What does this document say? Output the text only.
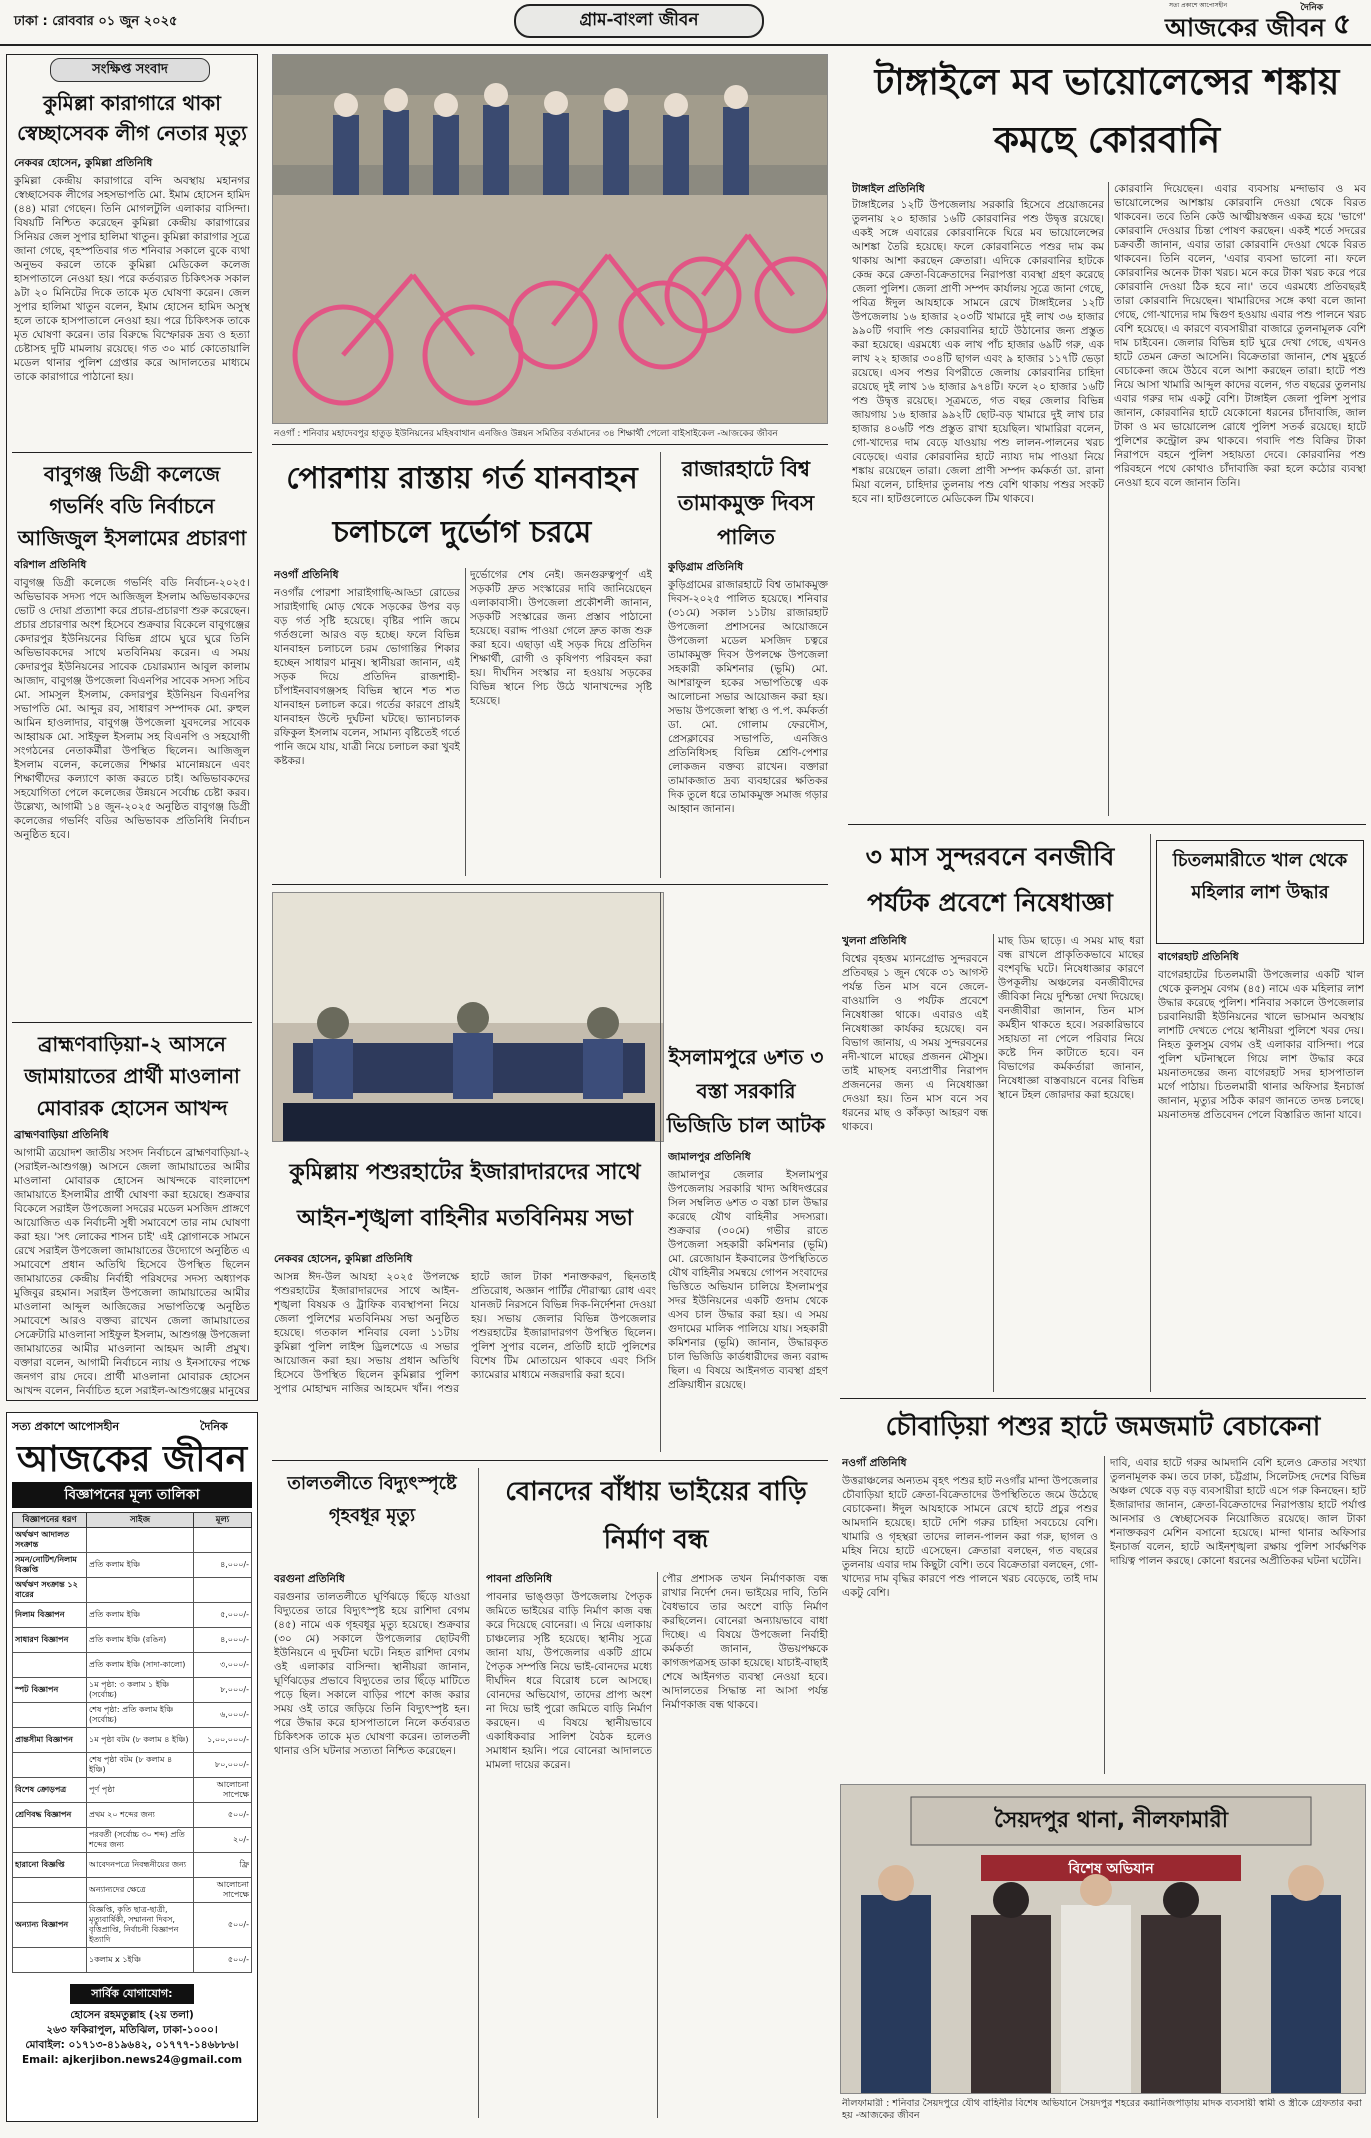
ঢাকা : রোববার ০১ জুন ২০২৫	গ্রাম-বাংলা জীবন
সত্য প্রকাশে আপোসহীন	দৈনিক
আজকের জীবন ৫
সংক্ষিপ্ত সংবাদ
কুমিল্লা কারাগারে থাকা স্বেচ্ছাসেবক লীগ নেতার মৃত্যু
নেকবর হোসেন, কুমিল্লা প্রতিনিধি
কুমিল্লা কেন্দ্রীয় কারাগারে বন্দি অবস্থায় মহানগর স্বেচ্ছাসেবক লীগের সহসভাপতি মো. ইমাম হোসেন হামিদ (৪৪) মারা গেছেন। তিনি মোগলটুলি এলাকার বাসিন্দা। বিষয়টি নিশ্চিত করেছেন কুমিল্লা কেন্দ্রীয় কারাগারের সিনিয়র জেল সুপার হালিমা খাতুন। কুমিল্লা কারাগার সূত্রে জানা গেছে, বৃহস্পতিবার গত শনিবার সকালে বুকে ব্যথা অনুভব করলে তাকে কুমিল্লা মেডিকেল কলেজ হাসপাতালে নেওয়া হয়। পরে কর্তব্যরত চিকিৎসক সকাল ৯টা ২০ মিনিটের দিকে তাকে মৃত ঘোষণা করেন। জেল সুপার হালিমা খাতুন বলেন, ইমাম হোসেন হামিদ অসুস্থ হলে তাকে হাসপাতালে নেওয়া হয়। পরে চিকিৎসক তাকে মৃত ঘোষণা করেন। তার বিরুদ্ধে বিস্ফোরক দ্রব্য ও হত্যা চেষ্টাসহ দুটি মামলায় রয়েছে। গত ৩০ মার্চ কোতোয়ালি মডেল থানার পুলিশ গ্রেপ্তার করে আদালতের মাধ্যমে তাকে কারাগারে পাঠানো হয়।
বাবুগঞ্জ ডিগ্রী কলেজে গভর্নিং বডি নির্বাচনে আজিজুল ইসলামের প্রচারণা
বরিশাল প্রতিনিধি
বাবুগঞ্জ ডিগ্রী কলেজে গভর্নিং বডি নির্বাচন-২০২৫। অভিভাবক সদস্য পদে আজিজুল ইসলাম অভিভাবকদের ভোট ও দোয়া প্রত্যাশা করে প্রচার-প্রচারণা শুরু করেছেন। প্রচার প্রচারণার অংশ হিসেবে শুক্রবার বিকেলে বাবুগঞ্জের কেদারপুর ইউনিয়নের বিভিন্ন গ্রামে ঘুরে ঘুরে তিনি অভিভাবকদের সাথে মতবিনিময় করেন। এ সময় কেদারপুর ইউনিয়নের সাবেক চেয়ারম্যান আবুল কালাম আজাদ, বাবুগঞ্জ উপজেলা বিএনপির সাবেক সদস্য সচিব মো. সামসুল ইসলাম, কেদারপুর ইউনিয়ন বিএনপির সভাপতি মো. আব্দুর রব, সাধারণ সম্পাদক মো. রুহুল আমিন হাওলাদার, বাবুগঞ্জ উপজেলা যুবদলের সাবেক আহ্বায়ক মো. সাইফুল ইসলাম সহ বিএনপি ও সহযোগী সংগঠনের নেতাকর্মীরা উপস্থিত ছিলেন। আজিজুল ইসলাম বলেন, কলেজের শিক্ষার মানোন্নয়নে এবং শিক্ষার্থীদের কল্যাণে কাজ করতে চাই। অভিভাবকদের সহযোগিতা পেলে কলেজের উন্নয়নে সর্বোচ্চ চেষ্টা করব। উল্লেখ্য, আগামী ১৪ জুন-২০২৫ অনুষ্ঠিত বাবুগঞ্জ ডিগ্রী কলেজের গভর্নিং বডির অভিভাবক প্রতিনিধি নির্বাচন অনুষ্ঠিত হবে।
ব্রাহ্মণবাড়িয়া-২ আসনে জামায়াতের প্রার্থী মাওলানা মোবারক হোসেন আখন্দ
ব্রাহ্মণবাড়িয়া প্রতিনিধি
আগামী ত্রয়োদশ জাতীয় সংসদ নির্বাচনে ব্রাহ্মণবাড়িয়া-২ (সরাইল-আশুগঞ্জ) আসনে জেলা জামায়াতের আমীর মাওলানা মোবারক হোসেন আখন্দকে বাংলাদেশ জামায়াতে ইসলামীর প্রার্থী ঘোষণা করা হয়েছে। শুক্রবার বিকেলে সরাইল উপজেলা সদরের মডেল মসজিদ প্রাঙ্গণে আয়োজিত এক নির্বাচনী সুধী সমাবেশে তার নাম ঘোষণা করা হয়। 'সৎ লোকের শাসন চাই' এই স্লোগানকে সামনে রেখে সরাইল উপজেলা জামায়াতের উদ্যোগে অনুষ্ঠিত এ সমাবেশে প্রধান অতিথি হিসেবে উপস্থিত ছিলেন জামায়াতের কেন্দ্রীয় নির্বাহী পরিষদের সদস্য অধ্যাপক মুজিবুর রহমান। সরাইল উপজেলা জামায়াতের আমীর মাওলানা আব্দুল আজিজের সভাপতিত্বে অনুষ্ঠিত সমাবেশে আরও বক্তব্য রাখেন জেলা জামায়াতের সেক্রেটারি মাওলানা সাইফুল ইসলাম, আশুগঞ্জ উপজেলা জামায়াতের আমীর মাওলানা আহমদ আলী প্রমুখ। বক্তারা বলেন, আগামী নির্বাচনে ন্যায় ও ইনসাফের পক্ষে জনগণ রায় দেবে। প্রার্থী মাওলানা মোবারক হোসেন আখন্দ বলেন, নির্বাচিত হলে সরাইল-আশুগঞ্জের মানুষের
সত্য প্রকাশে আপোসহীন	দৈনিক
আজকের জীবন
বিজ্ঞাপনের মূল্য তালিকা
বিজ্ঞাপনের ধরণ	সাইজ	মূল্য
অর্থঋণ আদালত সংক্রান্ত		
সমন/নোটিশ/নিলাম বিজ্ঞপ্তি	প্রতি কলাম ইঞ্চি	৪,০০০/-
অর্থঋণ সংক্রান্ত ১২ বারের		
নিলাম বিজ্ঞাপন	প্রতি কলাম ইঞ্চি	৫,০০০/-
সাধারণ বিজ্ঞাপন	প্রতি কলাম ইঞ্চি (রঙিন)	৪,০০০/-
	প্রতি কলাম ইঞ্চি (সাদা-কালো)	৩,০০০/-
স্পট বিজ্ঞাপন	১ম পৃষ্ঠা: ৩ কলাম ১ ইঞ্চি (সর্বোচ্চ)	৮,০০০/-
	শেষ পৃষ্ঠা: প্রতি কলাম ইঞ্চি (সর্বোচ্চ)	৬,০০০/-
প্রান্তসীমা বিজ্ঞাপন	১ম পৃষ্ঠা বটম (৮ কলাম ৪ ইঞ্চি)	১,০০,০০০/-
	শেষ পৃষ্ঠা বটম (৮ কলাম ৪ ইঞ্চি)	৮০,০০০/-
বিশেষ ক্রোড়পত্র	পূর্ণ পৃষ্ঠা	আলোচনা সাপেক্ষে
শ্রেণিবদ্ধ বিজ্ঞাপন	প্রথম ২০ শব্দের জন্য	৫০০/-
	পরবর্তী (সর্বোচ্চ ৩০ শব্দ) প্রতি শব্দের জন্য	২০/-
হারানো বিজ্ঞপ্তি	আবেদনপত্রে নিবন্ধনীয়ের জন্য	ফ্রি
	অন্যান্যদের ক্ষেত্রে	আলোচনা সাপেক্ষে
অন্যান্য বিজ্ঞাপন	বিজ্ঞপ্তি, কৃতি ছাত্র-ছাত্রী, মৃত্যুবার্ষিকী, সম্মাননা দিবস, বৃত্তিপ্রাপ্তি, নির্বাচনী বিজ্ঞাপন ইত্যাদি	৫০০/-
	১কলাম x ১ইঞ্চি	৫০০/-
সার্বিক যোগাযোগ:
হোসেন রহমতুল্লাহ (২য় তলা)
২৬৩ ফকিরাপুল, মতিঝিল, ঢাকা-১০০০।
মোবাইল: ০১৭১৩-৪১৯৬৪২, ০১৭৭৭-১৪৬৮৮৬।
Email: ajkerjibon.news24@gmail.com
নওগাঁ : শনিবার মহাদেবপুর হাতুড় ইউনিয়নের মহিষবাথান এনজিও উন্নয়ন সমিতির বর্তমানের ৩৪ শিক্ষার্থী পেলো বাইসাইকেল -আজকের জীবন
টাঙ্গাইলে মব ভায়োলেন্সের শঙ্কায় কমছে কোরবানি
টাঙ্গাইল প্রতিনিধি
টাঙ্গাইলের ১২টি উপজেলায় সরকারি হিসেবে প্রয়োজনের তুলনায় ২০ হাজার ১৬টি কোরবানির পশু উদ্বৃত্ত রয়েছে। একই সঙ্গে এবারের কোরবানিকে ঘিরে মব ভায়োলেন্সের আশঙ্কা তৈরি হয়েছে। ফলে কোরবানিতে পশুর দাম কম থাকায় আশা করছেন ক্রেতারা। এদিকে কোরবানির হাটকে কেন্দ্র করে ক্রেতা-বিক্রেতাদের নিরাপত্তা ব্যবস্থা গ্রহণ করেছে জেলা পুলিশ। জেলা প্রাণী সম্পদ কার্যালয় সূত্রে জানা গেছে, পবিত্র ঈদুল আযহাকে সামনে রেখে টাঙ্গাইলের ১২টি উপজেলায় ১৬ হাজার ২০৩টি খামারে দুই লাখ ৩৬ হাজার ৯৯০টি গবাদি পশু কোরবানির হাটে উঠানোর জন্য প্রস্তুত করা হয়েছে। এরমধ্যে এক লাখ পাঁচ হাজার ৬৯টি গরু, এক লাখ ২২ হাজার ৩০৪টি ছাগল এবং ৯ হাজার ১১৭টি ভেড়া রয়েছে। এসব পশুর বিপরীতে জেলায় কোরবানির চাহিদা রয়েছে দুই লাখ ১৬ হাজার ৯৭৪টি। ফলে ২০ হাজার ১৬টি পশু উদ্বৃত্ত রয়েছে। সূত্রমতে, গত বছর জেলার বিভিন্ন জায়গায় ১৬ হাজার ৯৯২টি ছোট-বড় খামারে দুই লাখ চার হাজার ৪০৬টি পশু প্রস্তুত রাখা হয়েছিল। খামারিরা বলেন, গো-খাদ্যের দাম বেড়ে যাওয়ায় পশু লালন-পালনের খরচ বেড়েছে। এবার কোরবানির হাটে ন্যায্য দাম পাওয়া নিয়ে শঙ্কায় রয়েছেন তারা। জেলা প্রাণী সম্পদ কর্মকর্তা ডা. রানা মিয়া বলেন, চাহিদার তুলনায় পশু বেশি থাকায় পশুর সংকট হবে না। হাটগুলোতে মেডিকেল টিম থাকবে।
কোরবানি দিয়েছেন। এবার ব্যবসায় মন্দাভাব ও মব ভায়োলেন্সের আশঙ্কায় কোরবানি দেওয়া থেকে বিরত থাকবেন। তবে তিনি কেউ আত্মীয়স্বজন একত্র হয়ে 'ভাগে' কোরবানি দেওয়ার চিন্তা পোষণ করছেন। একই শর্তে সদরের চক্রবর্তী জানান, এবার তারা কোরবানি দেওয়া থেকে বিরত থাকবেন। তিনি বলেন, 'এবার ব্যবসা ভালো না। ফলে কোরবানির অনেক টাকা খরচ। মনে করে টাকা খরচ করে পরে কোরবানি দেওয়া ঠিক হবে না।' তবে এরমধ্যে প্রতিবছরই তারা কোরবানি দিয়েছেন। খামারিদের সঙ্গে কথা বলে জানা গেছে, গো-খাদ্যের দাম দ্বিগুণ হওয়ায় এবার পশু পালনে খরচ বেশি হয়েছে। এ কারণে ব্যবসায়ীরা বাজারে তুলনামূলক বেশি দাম চাইবেন। জেলার বিভিন্ন হাট ঘুরে দেখা গেছে, এখনও হাটে তেমন ক্রেতা আসেনি। বিক্রেতারা জানান, শেষ মুহূর্তে বেচাকেনা জমে উঠবে বলে আশা করছেন তারা। হাটে পশু নিয়ে আসা খামারি আব্দুল কাদের বলেন, গত বছরের তুলনায় এবার গরুর দাম একটু বেশি। টাঙ্গাইল জেলা পুলিশ সুপার জানান, কোরবানির হাটে যেকোনো ধরনের চাঁদাবাজি, জাল টাকা ও মব ভায়োলেন্স রোধে পুলিশ সতর্ক রয়েছে। হাটে পুলিশের কন্ট্রোল রুম থাকবে। গবাদি পশু বিক্রির টাকা নিরাপদে বহনে পুলিশ সহায়তা দেবে। কোরবানির পশু পরিবহনে পথে কোথাও চাঁদাবাজি করা হলে কঠোর ব্যবস্থা নেওয়া হবে বলে জানান তিনি।
পোরশায় রাস্তায় গর্ত যানবাহন চলাচলে দুর্ভোগ চরমে
নওগাঁ প্রতিনিধি
নওগাঁর পোরশা সারাইগাছি-আড্ডা রোডের সারাইগাছি মোড় থেকে সড়কের উপর বড় বড় গর্ত সৃষ্টি হয়েছে। বৃষ্টির পানি জমে গর্তগুলো আরও বড় হচ্ছে। ফলে বিভিন্ন যানবাহন চলাচলে চরম ভোগান্তির শিকার হচ্ছেন সাধারণ মানুষ। স্থানীয়রা জানান, এই সড়ক দিয়ে প্রতিদিন রাজশাহী-চাঁপাইনবাবগঞ্জসহ বিভিন্ন স্থানে শত শত যানবাহন চলাচল করে। গর্তের কারণে প্রায়ই যানবাহন উল্টে দুর্ঘটনা ঘটছে। ভ্যানচালক রফিকুল ইসলাম বলেন, সামান্য বৃষ্টিতেই গর্তে পানি জমে যায়, যাত্রী নিয়ে চলাচল করা খুবই কষ্টকর।
দুর্ভোগের শেষ নেই। জনগুরুত্বপূর্ণ এই সড়কটি দ্রুত সংস্কারের দাবি জানিয়েছেন এলাকাবাসী। উপজেলা প্রকৌশলী জানান, সড়কটি সংস্কারের জন্য প্রস্তাব পাঠানো হয়েছে। বরাদ্দ পাওয়া গেলে দ্রুত কাজ শুরু করা হবে। এছাড়া এই সড়ক দিয়ে প্রতিদিন শিক্ষার্থী, রোগী ও কৃষিপণ্য পরিবহন করা হয়। দীর্ঘদিন সংস্কার না হওয়ায় সড়কের বিভিন্ন স্থানে পিচ উঠে খানাখন্দের সৃষ্টি হয়েছে।
রাজারহাটে বিশ্ব তামাকমুক্ত দিবস পালিত
কুড়িগ্রাম প্রতিনিধি
কুড়িগ্রামের রাজারহাটে বিশ্ব তামাকমুক্ত দিবস-২০২৫ পালিত হয়েছে। শনিবার (৩১মে) সকাল ১১টায় রাজারহাট উপজেলা প্রশাসনের আয়োজনে উপজেলা মডেল মসজিদ চত্বরে তামাকমুক্ত দিবস উপলক্ষে উপজেলা সহকারী কমিশনার (ভূমি) মো. আশরাফুল হকের সভাপতিত্বে এক আলোচনা সভার আয়োজন করা হয়। সভায় উপজেলা স্বাস্থ্য ও প.প. কর্মকর্তা ডা. মো. গোলাম ফেরদৌস, প্রেসক্লাবের সভাপতি, এনজিও প্রতিনিধিসহ বিভিন্ন শ্রেণি-পেশার লোকজন বক্তব্য রাখেন। বক্তারা তামাকজাত দ্রব্য ব্যবহারের ক্ষতিকর দিক তুলে ধরে তামাকমুক্ত সমাজ গড়ার আহ্বান জানান।
কুমিল্লায় পশুরহাটের ইজারাদারদের সাথে আইন-শৃঙ্খলা বাহিনীর মতবিনিময় সভা
নেকবর হোসেন, কুমিল্লা প্রতিনিধি
আসন্ন ঈদ-উল আযহা ২০২৫ উপলক্ষে পশুরহাটের ইজারাদারদের সাথে আইন-শৃঙ্খলা বিষয়ক ও ট্রাফিক ব্যবস্থাপনা নিয়ে জেলা পুলিশের মতবিনিময় সভা অনুষ্ঠিত হয়েছে। গতকাল শনিবার বেলা ১১টায় কুমিল্লা পুলিশ লাইন্স ড্রিলশেডে এ সভার আয়োজন করা হয়। সভায় প্রধান অতিথি হিসেবে উপস্থিত ছিলেন কুমিল্লার পুলিশ সুপার মোহাম্মদ নাজির আহমেদ খাঁন। পশুর হাটে জাল টাকা শনাক্তকরণ, ছিনতাই প্রতিরোধ, অজ্ঞান পার্টির দৌরাত্ম্য রোধ এবং যানজট নিরসনে বিভিন্ন দিক-নির্দেশনা দেওয়া হয়। সভায় জেলার বিভিন্ন উপজেলার পশুরহাটের ইজারাদারগণ উপস্থিত ছিলেন। পুলিশ সুপার বলেন, প্রতিটি হাটে পুলিশের বিশেষ টিম মোতায়েন থাকবে এবং সিসি ক্যামেরার মাধ্যমে নজরদারি করা হবে।
ইসলামপুরে ৬শত ৩ বস্তা সরকারি ভিজিডি চাল আটক
জামালপুর প্রতিনিধি
জামালপুর জেলার ইসলামপুর উপজেলায় সরকারি খাদ্য অধিদপ্তরের সিল সম্বলিত ৬শত ৩ বস্তা চাল উদ্ধার করেছে যৌথ বাহিনীর সদস্যরা। শুক্রবার (৩০মে) গভীর রাতে উপজেলা সহকারী কমিশনার (ভূমি) মো. রেজোয়ান ইকবালের উপস্থিতিতে যৌথ বাহিনীর সমন্বয়ে গোপন সংবাদের ভিত্তিতে অভিযান চালিয়ে ইসলামপুর সদর ইউনিয়নের একটি গুদাম থেকে এসব চাল উদ্ধার করা হয়। এ সময় গুদামের মালিক পালিয়ে যায়। সহকারী কমিশনার (ভূমি) জানান, উদ্ধারকৃত চাল ভিজিডি কার্ডধারীদের জন্য বরাদ্দ ছিল। এ বিষয়ে আইনগত ব্যবস্থা গ্রহণ প্রক্রিয়াধীন রয়েছে।
৩ মাস সুন্দরবনে বনজীবি পর্যটক প্রবেশে নিষেধাজ্ঞা
খুলনা প্রতিনিধি
বিশ্বের বৃহত্তম ম্যানগ্রোভ সুন্দরবনে প্রতিবছর ১ জুন থেকে ৩১ আগস্ট পর্যন্ত তিন মাস বনে জেলে-বাওয়ালি ও পর্যটক প্রবেশে নিষেধাজ্ঞা থাকে। এবারও এই নিষেধাজ্ঞা কার্যকর হয়েছে। বন বিভাগ জানায়, এ সময় সুন্দরবনের নদী-খালে মাছের প্রজনন মৌসুম। তাই মাছসহ বন্যপ্রাণীর নিরাপদ প্রজননের জন্য এ নিষেধাজ্ঞা দেওয়া হয়। তিন মাস বনে সব ধরনের মাছ ও কাঁকড়া আহরণ বন্ধ থাকবে।
মাছ ডিম ছাড়ে। এ সময় মাছ ধরা বন্ধ রাখলে প্রাকৃতিকভাবে মাছের বংশবৃদ্ধি ঘটে। নিষেধাজ্ঞার কারণে উপকূলীয় অঞ্চলের বনজীবীদের জীবিকা নিয়ে দুশ্চিন্তা দেখা দিয়েছে। বনজীবীরা জানান, তিন মাস কর্মহীন থাকতে হবে। সরকারিভাবে সহায়তা না পেলে পরিবার নিয়ে কষ্টে দিন কাটাতে হবে। বন বিভাগের কর্মকর্তারা জানান, নিষেধাজ্ঞা বাস্তবায়নে বনের বিভিন্ন স্থানে টহল জোরদার করা হয়েছে।
চিতলমারীতে খাল থেকে মহিলার লাশ উদ্ধার
বাগেরহাট প্রতিনিধি
বাগেরহাটের চিতলমারী উপজেলার একটি খাল থেকে কুলসুম বেগম (৪৫) নামে এক মহিলার লাশ উদ্ধার করেছে পুলিশ। শনিবার সকালে উপজেলার চরবানিয়ারী ইউনিয়নের খালে ভাসমান অবস্থায় লাশটি দেখতে পেয়ে স্থানীয়রা পুলিশে খবর দেয়। নিহত কুলসুম বেগম ওই এলাকার বাসিন্দা। পরে পুলিশ ঘটনাস্থলে গিয়ে লাশ উদ্ধার করে ময়নাতদন্তের জন্য বাগেরহাট সদর হাসপাতাল মর্গে পাঠায়। চিতলমারী থানার অফিসার ইনচার্জ জানান, মৃত্যুর সঠিক কারণ জানতে তদন্ত চলছে। ময়নাতদন্ত প্রতিবেদন পেলে বিস্তারিত জানা যাবে।
চৌবাড়িয়া পশুর হাটে জমজমাট বেচাকেনা
নওগাঁ প্রতিনিধি
উত্তরাঞ্চলের অন্যতম বৃহৎ পশুর হাট নওগাঁর মান্দা উপজেলার চৌবাড়িয়া হাটে ক্রেতা-বিক্রেতাদের উপস্থিতিতে জমে উঠেছে বেচাকেনা। ঈদুল আযহাকে সামনে রেখে হাটে প্রচুর পশুর আমদানি হয়েছে। হাটে দেশি গরুর চাহিদা সবচেয়ে বেশি। খামারি ও গৃহস্থরা তাদের লালন-পালন করা গরু, ছাগল ও মহিষ নিয়ে হাটে এসেছেন। ক্রেতারা বলছেন, গত বছরের তুলনায় এবার দাম কিছুটা বেশি। তবে বিক্রেতারা বলছেন, গো-খাদ্যের দাম বৃদ্ধির কারণে পশু পালনে খরচ বেড়েছে, তাই দাম একটু বেশি।
দাবি, এবার হাটে গরুর আমদানি বেশি হলেও ক্রেতার সংখ্যা তুলনামূলক কম। তবে ঢাকা, চট্টগ্রাম, সিলেটসহ দেশের বিভিন্ন অঞ্চল থেকে বড় বড় ব্যবসায়ীরা হাটে এসে গরু কিনছেন। হাট ইজারাদার জানান, ক্রেতা-বিক্রেতাদের নিরাপত্তায় হাটে পর্যাপ্ত আনসার ও স্বেচ্ছাসেবক নিয়োজিত রয়েছে। জাল টাকা শনাক্তকরণ মেশিন বসানো হয়েছে। মান্দা থানার অফিসার ইনচার্জ বলেন, হাটে আইনশৃঙ্খলা রক্ষায় পুলিশ সার্বক্ষণিক দায়িত্ব পালন করছে। কোনো ধরনের অপ্রীতিকর ঘটনা ঘটেনি।
তালতলীতে বিদ্যুৎস্পৃষ্টে গৃহবধূর মৃত্যু
বরগুনা প্রতিনিধি
বরগুনার তালতলীতে ঘূর্ণিঝড়ে ছিঁড়ে যাওয়া বিদ্যুতের তারে বিদ্যুৎস্পৃষ্ট হয়ে রাশিদা বেগম (৪৫) নামে এক গৃহবধূর মৃত্যু হয়েছে। শুক্রবার (৩০ মে) সকালে উপজেলার ছোটবগী ইউনিয়নে এ দুর্ঘটনা ঘটে। নিহত রাশিদা বেগম ওই এলাকার বাসিন্দা। স্থানীয়রা জানান, ঘূর্ণিঝড়ের প্রভাবে বিদ্যুতের তার ছিঁড়ে মাটিতে পড়ে ছিল। সকালে বাড়ির পাশে কাজ করার সময় ওই তারে জড়িয়ে তিনি বিদ্যুৎস্পৃষ্ট হন। পরে উদ্ধার করে হাসপাতালে নিলে কর্তব্যরত চিকিৎসক তাকে মৃত ঘোষণা করেন। তালতলী থানার ওসি ঘটনার সত্যতা নিশ্চিত করেছেন।
বোনদের বাঁধায় ভাইয়ের বাড়ি নির্মাণ বন্ধ
পাবনা প্রতিনিধি
পাবনার ভাঙ্গুড়া উপজেলায় পৈতৃক জমিতে ভাইয়ের বাড়ি নির্মাণ কাজ বন্ধ করে দিয়েছে বোনেরা। এ নিয়ে এলাকায় চাঞ্চল্যের সৃষ্টি হয়েছে। স্থানীয় সূত্রে জানা যায়, উপজেলার একটি গ্রামে পৈতৃক সম্পত্তি নিয়ে ভাই-বোনদের মধ্যে দীর্ঘদিন ধরে বিরোধ চলে আসছে। বোনদের অভিযোগ, তাদের প্রাপ্য অংশ না দিয়ে ভাই পুরো জমিতে বাড়ি নির্মাণ করছেন। এ বিষয়ে স্থানীয়ভাবে একাধিকবার সালিশ বৈঠক হলেও সমাধান হয়নি। পরে বোনেরা আদালতে মামলা দায়ের করেন।
পৌর প্রশাসক তখন নির্মাণকাজ বন্ধ রাখার নির্দেশ দেন। ভাইয়ের দাবি, তিনি বৈধভাবে তার অংশে বাড়ি নির্মাণ করছিলেন। বোনেরা অন্যায়ভাবে বাধা দিচ্ছে। এ বিষয়ে উপজেলা নির্বাহী কর্মকর্তা জানান, উভয়পক্ষকে কাগজপত্রসহ ডাকা হয়েছে। যাচাই-বাছাই শেষে আইনগত ব্যবস্থা নেওয়া হবে। আদালতের সিদ্ধান্ত না আসা পর্যন্ত নির্মাণকাজ বন্ধ থাকবে।
সৈয়দপুর থানা, নীলফামারী
বিশেষ অভিযান
নীলফামারী : শনিবার সৈয়দপুরে যৌথ বাহিনীর বিশেষ অভিযানে সৈয়দপুর শহরের কয়ানিজপাড়ায় মাদক ব্যবসায়ী স্বামী ও স্ত্রীকে গ্রেফতার করা হয় -আজকের জীবন
